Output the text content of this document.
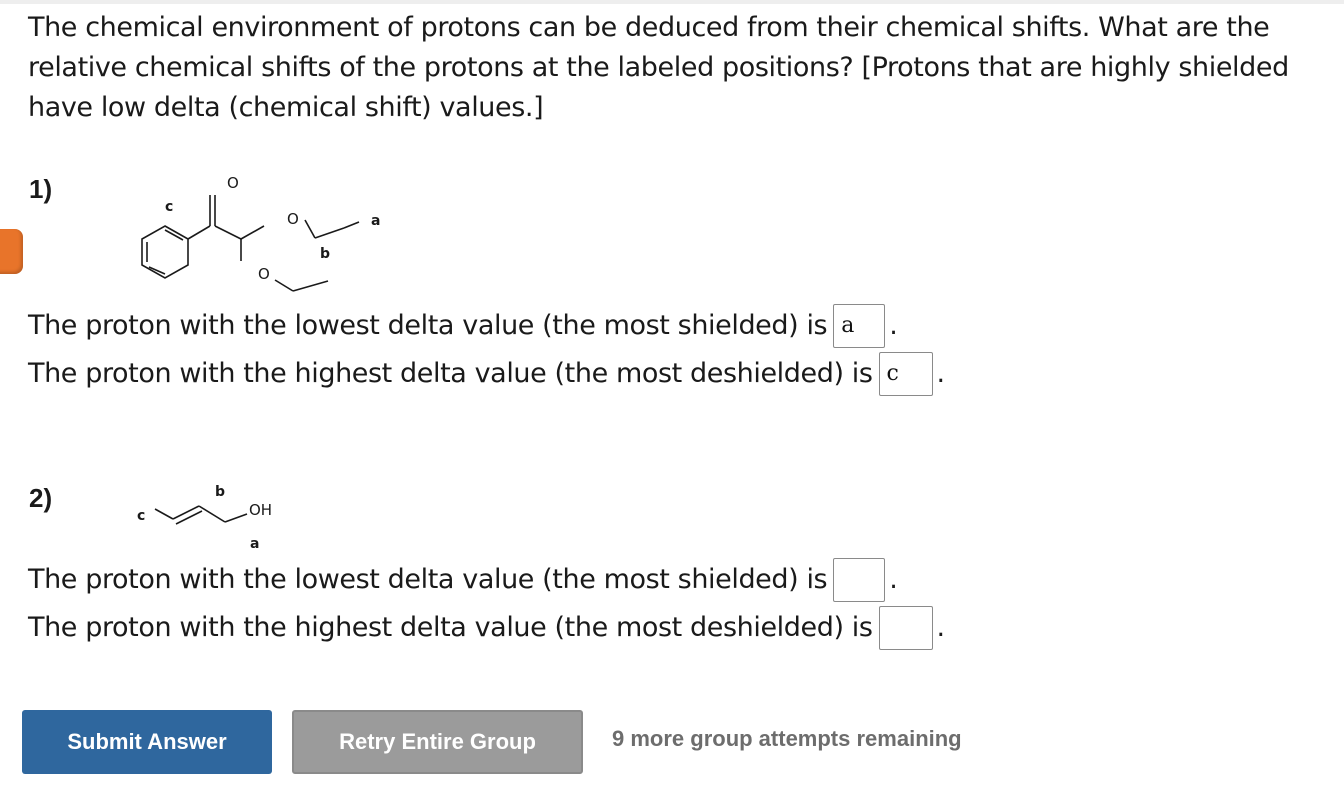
The chemical environment of protons can be deduced from their chemical shifts. What are the relative chemical shifts of the protons at the labeled positions? [Protons that are highly shielded have low delta (chemical shift) values.]
1)	O
O
O
c
a
b
The proton with the lowest delta value (the most shielded) is a	.
The proton with the highest delta value (the most deshielded) is c	.
2)
c	OH
b
a
The proton with the lowest delta value (the most shielded) is .
The proton with the highest delta value (the most deshielded) is .
Submit Answer	Retry Entire Group	9 more group attempts remaining
